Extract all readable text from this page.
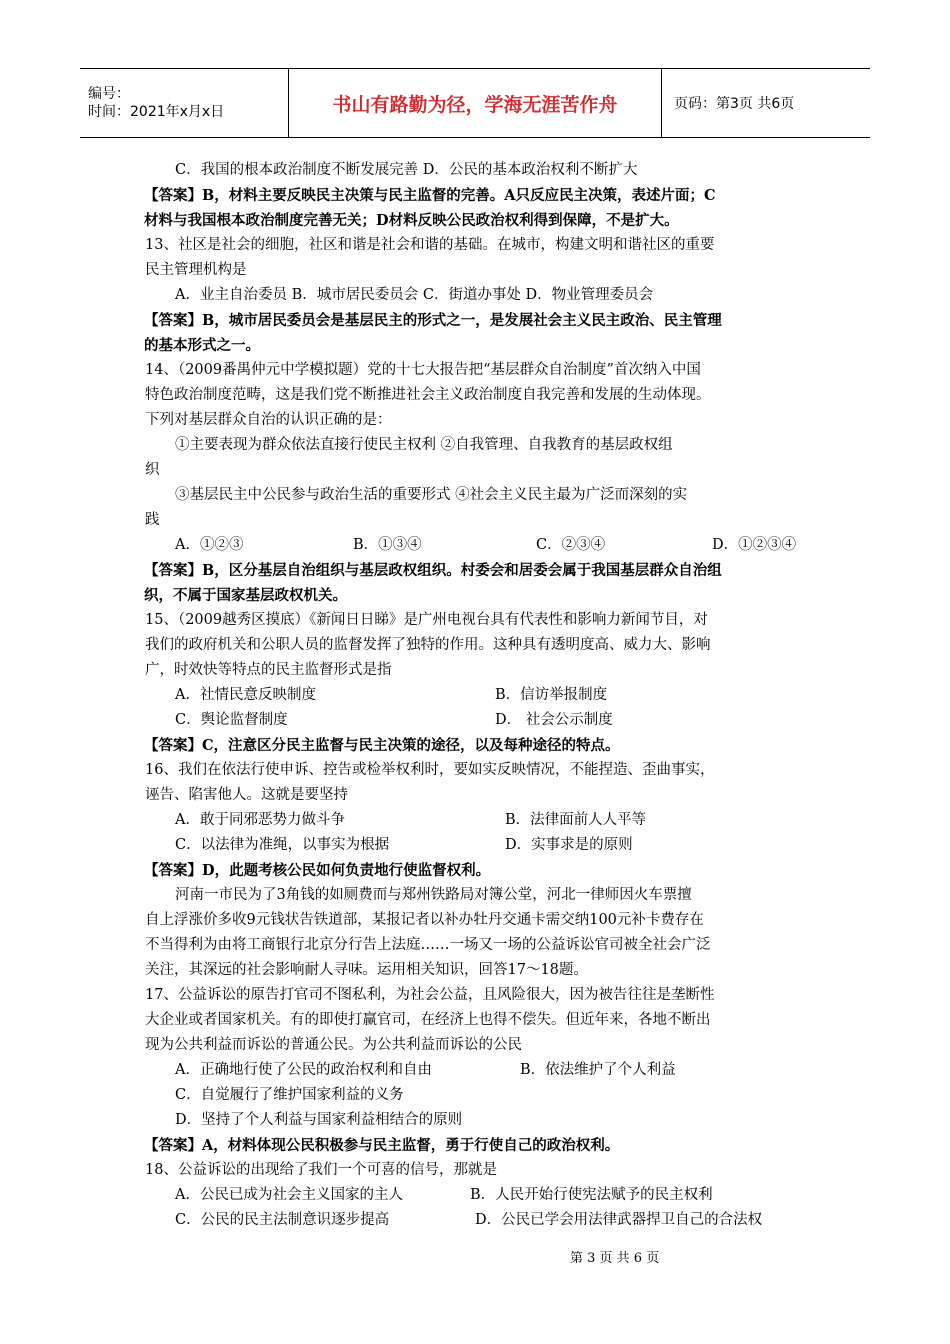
编号：
时间：2021年x月x日	书山有路勤为径，学海无涯苦作舟	页码：第3页 共6页
C．我国的根本政治制度不断发展完善 D．公民的基本政治权利不断扩大
【答案】B，材料主要反映民主决策与民主监督的完善。A只反应民主决策，表述片面；C
材料与我国根本政治制度完善无关；D材料反映公民政治权利得到保障，不是扩大。
13、社区是社会的细胞，社区和谐是社会和谐的基础。在城市，构建文明和谐社区的重要
民主管理机构是
A．业主自治委员 B．城市居民委员会 C．街道办事处 D．物业管理委员会
【答案】B，城市居民委员会是基层民主的形式之一，是发展社会主义民主政治、民主管理
的基本形式之一。
14、（2009番禺仲元中学模拟题）党的十七大报告把“基层群众自治制度”首次纳入中国
特色政治制度范畴，这是我们党不断推进社会主义政治制度自我完善和发展的生动体现。
下列对基层群众自治的认识正确的是：
①主要表现为群众依法直接行使民主权利 ②自我管理、自我教育的基层政权组
织
③基层民主中公民参与政治生活的重要形式 ④社会主义民主最为广泛而深刻的实
践
A．①②③	B．①③④	C．②③④	D．①②③④
【答案】B，区分基层自治组织与基层政权组织。村委会和居委会属于我国基层群众自治组
织，不属于国家基层政权机关。
15、（2009越秀区摸底）《新闻日日睇》是广州电视台具有代表性和影响力新闻节目，对
我们的政府机关和公职人员的监督发挥了独特的作用。这种具有透明度高、威力大、影响
广，时效快等特点的民主监督形式是指
A．社情民意反映制度	B．信访举报制度
C．舆论监督制度	D． 社会公示制度
【答案】C，注意区分民主监督与民主决策的途径，以及每种途径的特点。
16、我们在依法行使申诉、控告或检举权利时，要如实反映情况，不能捏造、歪曲事实，
诬告、陷害他人。这就是要坚持
A．敢于同邪恶势力做斗争	B．法律面前人人平等
C．以法律为准绳，以事实为根据	D．实事求是的原则
【答案】D，此题考核公民如何负责地行使监督权利。
河南一市民为了3角钱的如厕费而与郑州铁路局对簿公堂，河北一律师因火车票擅
自上浮涨价多收9元钱状告铁道部，某报记者以补办牡丹交通卡需交纳100元补卡费存在
不当得利为由将工商银行北京分行告上法庭……一场又一场的公益诉讼官司被全社会广泛
关注，其深远的社会影响耐人寻味。运用相关知识，回答17～18题。
17、公益诉讼的原告打官司不图私利，为社会公益，且风险很大，因为被告往往是垄断性
大企业或者国家机关。有的即使打赢官司，在经济上也得不偿失。但近年来，各地不断出
现为公共利益而诉讼的普通公民。为公共利益而诉讼的公民
A．正确地行使了公民的政治权利和自由	B．依法维护了个人利益
C．自觉履行了维护国家利益的义务
D．坚持了个人利益与国家利益相结合的原则
【答案】A，材料体现公民积极参与民主监督，勇于行使自己的政治权利。
18、公益诉讼的出现给了我们一个可喜的信号，那就是
A．公民已成为社会主义国家的主人	B．人民开始行使宪法赋予的民主权利
C．公民的民主法制意识逐步提高	D．公民已学会用法律武器捍卫自己的合法权
第 3 页 共 6 页
